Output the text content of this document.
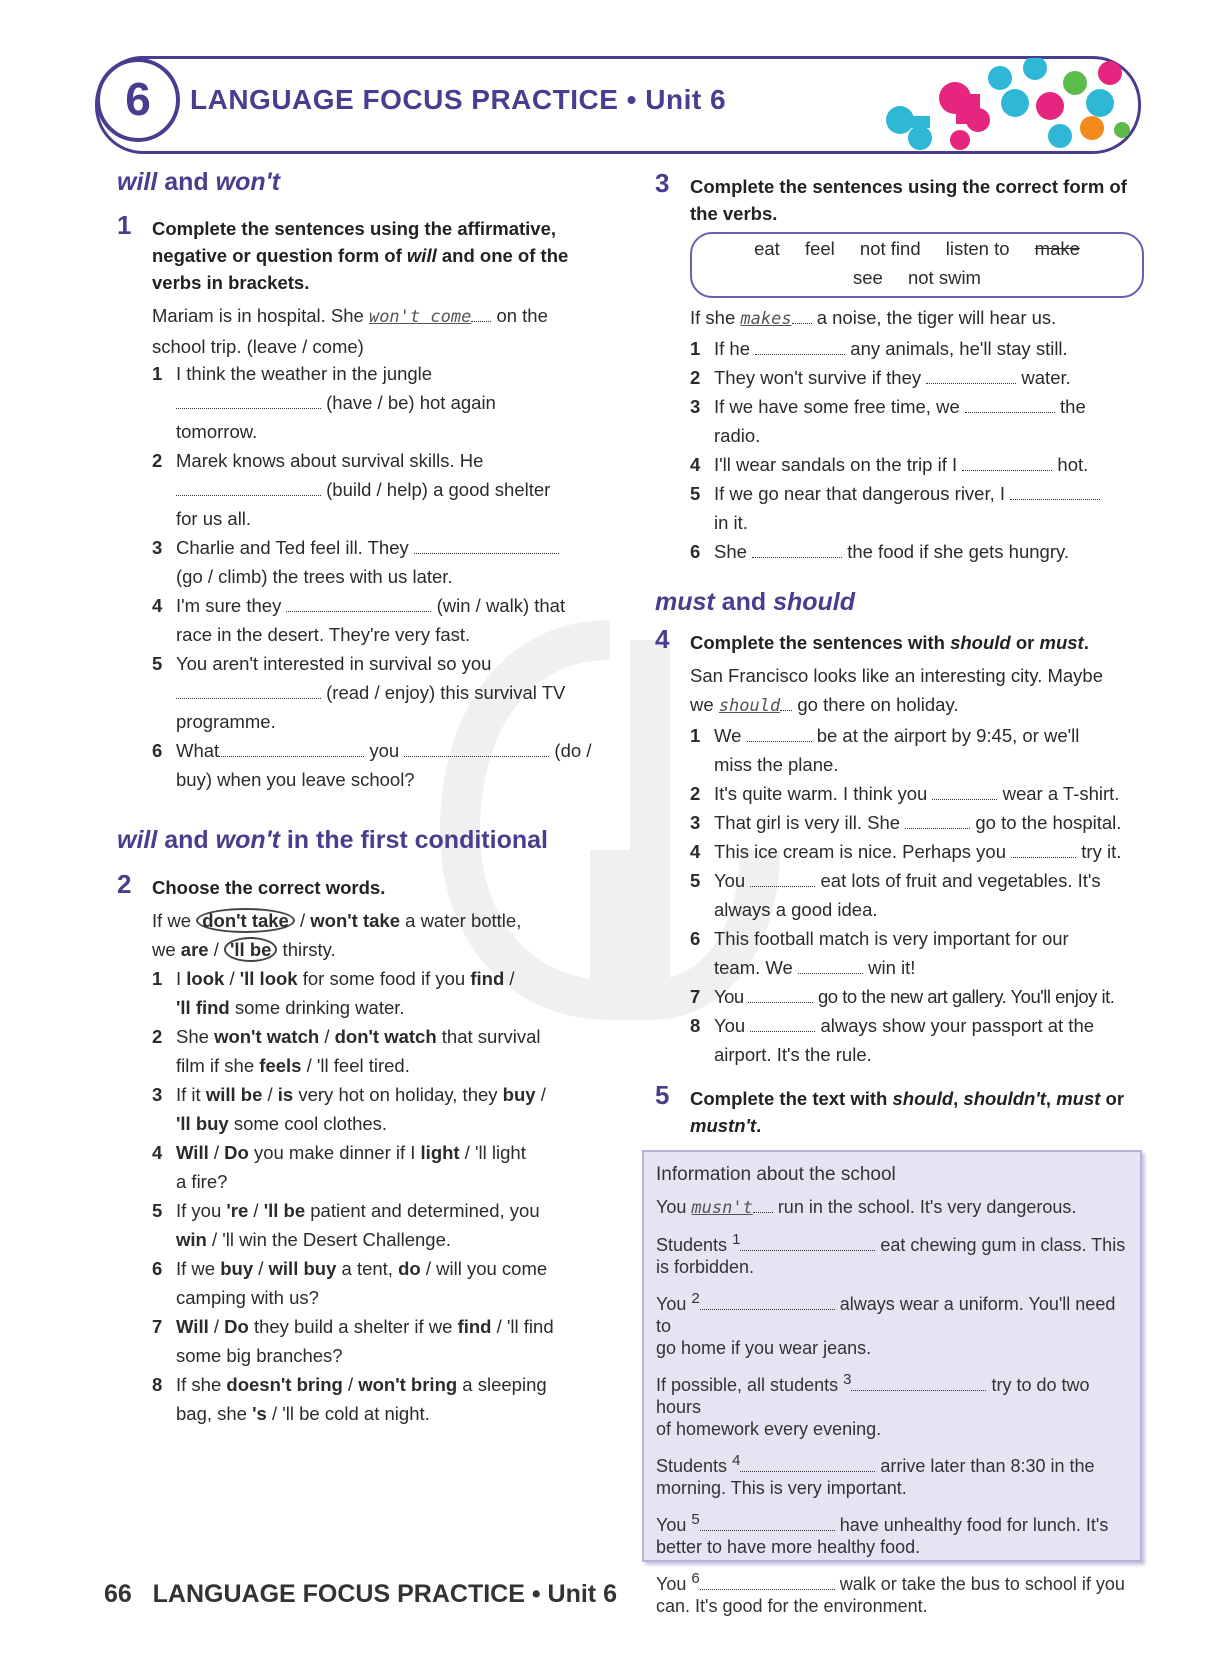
6	LANGUAGE FOCUS PRACTICE • Unit 6
will and won't
1 Complete the sentences using the affirmative,
negative or question form of will and one of the
verbs in brackets.
Mariam is in hospital. She won't come on the
school trip. (leave / come)
1 I think the weather in the jungle
(have / be) hot again
tomorrow.
2 Marek knows about survival skills. He
(build / help) a good shelter
for us all.
3 Charlie and Ted feel ill. They
(go / climb) the trees with us later.
4 I'm sure they	(win / walk) that
race in the desert. They're very fast.
5 You aren't interested in survival so you
(read / enjoy) this survival TV
programme.
6 What	you	(do /
buy) when you leave school?
will and won't in the first conditional
2 Choose the correct words.
If we don't take / won't take a water bottle,
we are / 'll be thirsty.
1 I look / 'll look for some food if you find /
'll find some drinking water.
2 She won't watch / don't watch that survival
film if she feels / 'll feel tired.
3 If it will be / is very hot on holiday, they buy /
'll buy some cool clothes.
4 Will / Do you make dinner if I light / 'll light
a fire?
5 If you 're / 'll be patient and determined, you
win / 'll win the Desert Challenge.
6 If we buy / will buy a tent, do / will you come
camping with us?
7 Will / Do they build a shelter if we find / 'll find
some big branches?
8 If she doesn't bring / won't bring a sleeping
bag, she 's / 'll be cold at night.
3 Complete the sentences using the correct form of
the verbs.
eat feel not find listen to make
see not swim
If she makes a noise, the tiger will hear us.
1 If he	any animals, he'll stay still.
2 They won't survive if they	water.
3 If we have some free time, we	the
radio.
4 I'll wear sandals on the trip if I	hot.
5 If we go near that dangerous river, I
in it.
6 She	the food if she gets hungry.
must and should
4 Complete the sentences with should or must.
San Francisco looks like an interesting city. Maybe
we should go there on holiday.
1 We	be at the airport by 9:45, or we'll
miss the plane.
2 It's quite warm. I think you	wear a T-shirt.
3 That girl is very ill. She	go to the hospital.
4 This ice cream is nice. Perhaps you	try it.
5 You	eat lots of fruit and vegetables. It's
always a good idea.
6 This football match is very important for our
team. We	win it!
7 You	go to the new art gallery. You'll enjoy it.
8 You	always show your passport at the
airport. It's the rule.
5 Complete the text with should, shouldn't, must or
mustn't.
Information about the school
You musn't run in the school. It's very dangerous.
Students $^1$	eat chewing gum in class. This
is forbidden.
You $^2$	always wear a uniform. You'll need to
go home if you wear jeans.
If possible, all students $^3$	try to do two hours
of homework every evening.
Students $^4$	arrive later than 8:30 in the
morning. This is very important.
You $^5$	have unhealthy food for lunch. It's
better to have more healthy food.
You $^6$	walk or take the bus to school if you
can. It's good for the environment.
66 LANGUAGE FOCUS PRACTICE • Unit 6
